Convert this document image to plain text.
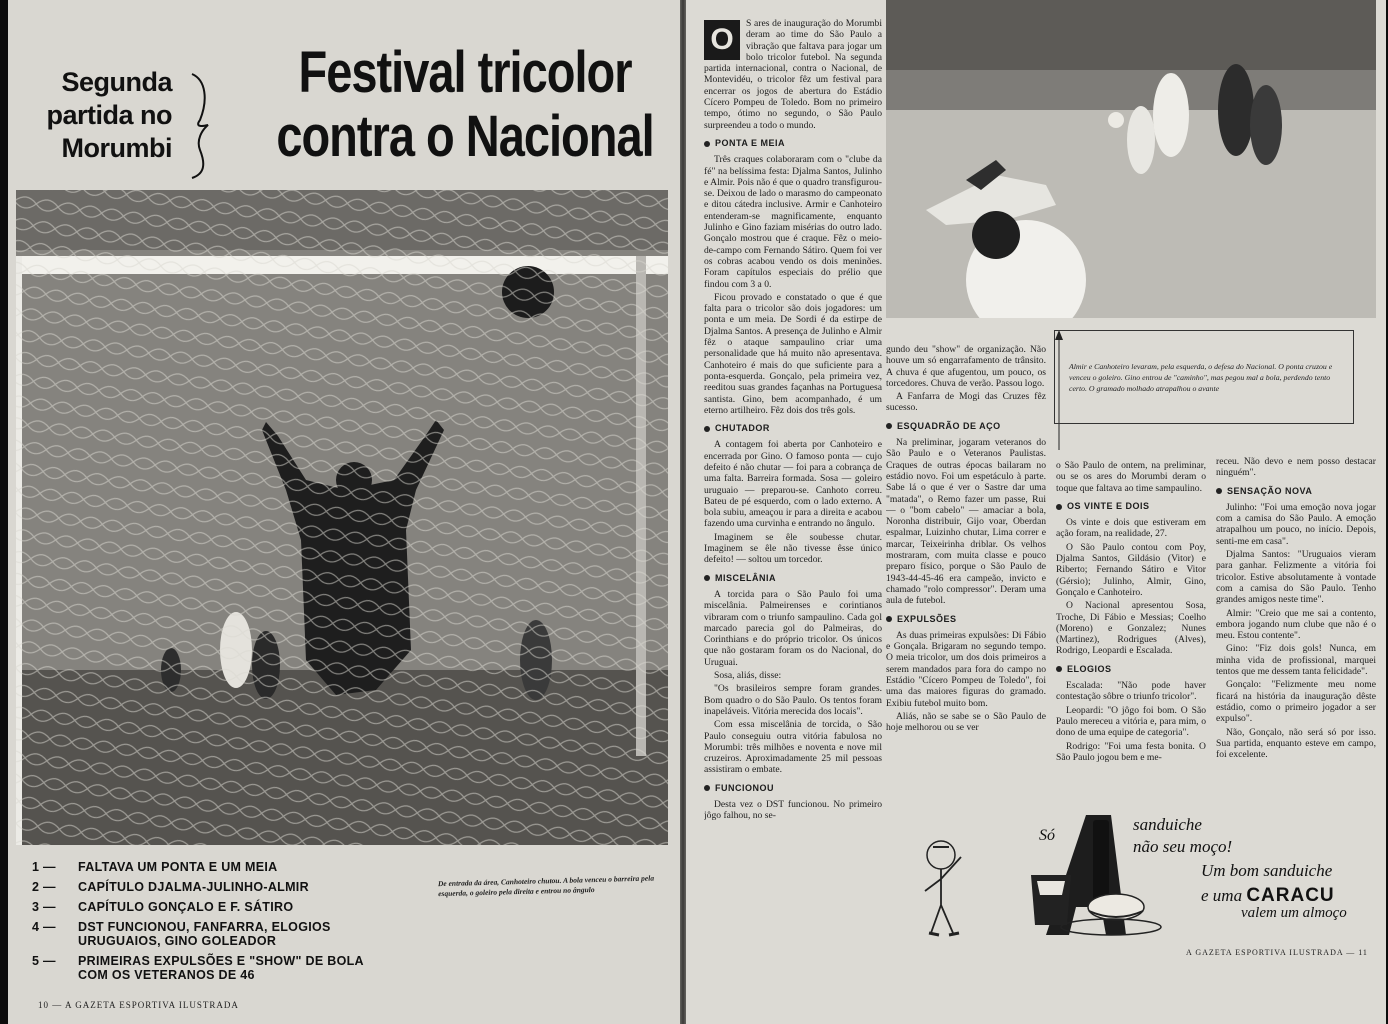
Segunda
partida no
Morumbi
Festival tricolor
contra o Nacional
De entrada da área, Canhoteiro chutou. A bola venceu o barreira pela esquerda, o goleiro pela direita e entrou no ângulo
1 —	FALTAVA UM PONTA E UM MEIA
2 —	CAPÍTULO DJALMA-JULINHO-ALMIR
3 —	CAPÍTULO GONÇALO E F. SÁTIRO
4 —	DST FUNCIONOU, FANFARRA, ELOGIOS URUGUAIOS, GINO GOLEADOR
5 —	PRIMEIRAS EXPULSÕES E "SHOW" DE BOLA COM OS VETERANOS DE 46
10 — A GAZETA ESPORTIVA ILUSTRADA
O	S ares de inauguração do Morumbi deram ao time do São Paulo a vibração que faltava para jogar um bolo tricolor futebol. Na segunda partida internacional, contra o Nacional, de Montevidéu, o tricolor fêz um festival para encerrar os jogos de abertura do Estádio Cícero Pompeu de Toledo. Bom no primeiro tempo, ótimo no segundo, o São Paulo surpreendeu a todo o mundo.

PONTA E MEIA

Três craques colaboraram com o "clube da fé" na belíssima festa: Djalma Santos, Julinho e Almir. Pois não é que o quadro transfigurou-se. Deixou de lado o marasmo do campeonato e ditou cátedra inclusive. Armir e Canhoteiro entenderam-se magnificamente, enquanto Julinho e Gino faziam misérias do outro lado. Gonçalo mostrou que é craque. Fêz o meio-de-campo com Fernando Sátiro. Quem foi ver os cobras acabou vendo os dois meninões. Foram capítulos especiais do prélio que findou com 3 a 0.

Ficou provado e constatado o que é que falta para o tricolor são dois jogadores: um ponta e um meia. De Sordi é da estirpe de Djalma Santos. A presença de Julinho e Almir fêz o ataque sampaulino criar uma personalidade que há muito não apresentava. Canhoteiro é mais do que suficiente para a ponta-esquerda. Gonçalo, pela primeira vez, reeditou suas grandes façanhas na Portuguesa santista. Gino, bem acompanhado, é um eterno artilheiro. Fêz dois dos três gols.

CHUTADOR

A contagem foi aberta por Canhoteiro e encerrada por Gino. O famoso ponta — cujo defeito é não chutar — foi para a cobrança de uma falta. Barreira formada. Sosa — goleiro uruguaio — preparou-se. Canhoto correu. Bateu de pé esquerdo, com o lado externo. A bola subiu, ameaçou ir para a direita e acabou fazendo uma curvinha e entrando no ângulo.

Imaginem se êle soubesse chutar. Imaginem se êle não tivesse êsse único defeito! — soltou um torcedor.

MISCELÂNIA

A torcida para o São Paulo foi uma miscelânia. Palmeirenses e corintianos vibraram com o triunfo sampaulino. Cada gol marcado parecia gol do Palmeiras, do Corinthians e do próprio tricolor. Os únicos que não gostaram foram os do Nacional, do Uruguai.

Sosa, aliás, disse:

"Os brasileiros sempre foram grandes. Bom quadro o do São Paulo. Os tentos foram inapeláveis. Vitória merecida dos locais".

Com essa miscelânia de torcida, o São Paulo conseguiu outra vitória fabulosa no Morumbi: três milhões e noventa e nove mil cruzeiros. Aproximadamente 25 mil pessoas assistiram o embate.

FUNCIONOU

Desta vez o DST funcionou. No primeiro jôgo falhou, no se-

Almir e Canhoteiro levaram, pela esquerda, o defesa do Nacional. O ponta cruzou e venceu o goleiro. Gino entrou de "caminho", mas pegou mal a bola, perdendo tento certo. O gramado molhado atrapalhou o avante

gundo deu "show" de organização. Não houve um só engarrafamento de trânsito. A chuva é que afugentou, um pouco, os torcedores. Chuva de verão. Passou logo.

A Fanfarra de Mogi das Cruzes fêz sucesso.

ESQUADRÃO DE AÇO

Na preliminar, jogaram veteranos do São Paulo e o Veteranos Paulistas. Craques de outras épocas bailaram no estádio novo. Foi um espetáculo à parte. Sabe lá o que é ver o Sastre dar uma "matada", o Remo fazer um passe, Rui — o "bom cabelo" — amaciar a bola, Noronha distribuir, Gijo voar, Oberdan espalmar, Luizinho chutar, Lima correr e marcar, Teixeirinha driblar. Os velhos mostraram, com muita classe e pouco preparo físico, porque o São Paulo de 1943-44-45-46 era campeão, invicto e chamado "rolo compressor". Deram uma aula de futebol.

EXPULSÕES

As duas primeiras expulsões: Di Fábio e Gonçala. Brigaram no segundo tempo. O meia tricolor, um dos dois primeiros a serem mandados para fora do campo no Estádio "Cícero Pompeu de Toledo", foi uma das maiores figuras do gramado. Exibiu futebol muito bom.

Aliás, não se sabe se o São Paulo de hoje melhorou ou se ver

o São Paulo de ontem, na preliminar, ou se os ares do Morumbi deram o toque que faltava ao time sampaulino.

OS VINTE E DOIS

Os vinte e dois que estiveram em ação foram, na realidade, 27.

O São Paulo contou com Poy, Djalma Santos, Gildásio (Vitor) e Riberto; Fernando Sátiro e Vitor (Gérsio); Julinho, Almir, Gino, Gonçalo e Canhoteiro.

O Nacional apresentou Sosa, Troche, Di Fábio e Messias; Coelho (Moreno) e Gonzalez; Nunes (Martinez), Rodrigues (Alves), Rodrigo, Leopardi e Escalada.

ELOGIOS

Escalada: "Não pode haver contestação sôbre o triunfo tricolor".

Leopardi: "O jôgo foi bom. O São Paulo mereceu a vitória e, para mim, o dono de uma equipe de categoria".

Rodrigo: "Foi uma festa bonita. O São Paulo jogou bem e me-

receu. Não devo e nem posso destacar ninguém".

SENSAÇÃO NOVA

Julinho: "Foi uma emoção nova jogar com a camisa do São Paulo. A emoção atrapalhou um pouco, no início. Depois, senti-me em casa".

Djalma Santos: "Uruguaios vieram para ganhar. Felizmente a vitória foi tricolor. Estive absolutamente à vontade com a camisa do São Paulo. Tenho grandes amigos neste time".

Almir: "Creio que me sai a contento, embora jogando num clube que não é o meu. Estou contente".

Gino: "Fiz dois gols! Nunca, em minha vida de profissional, marquei tentos que me dessem tanta felicidade".

Gonçalo: "Felizmente meu nome ficará na história da inauguração dêste estádio, como o primeiro jogador a ser expulso".

Não, Gonçalo, não será só por isso. Sua partida, enquanto esteve em campo, foi excelente.

Só
sanduiche
não seu moço!
Um bom sanduiche
e uma CARACU
valem um almoço
A GAZETA ESPORTIVA ILUSTRADA — 11
